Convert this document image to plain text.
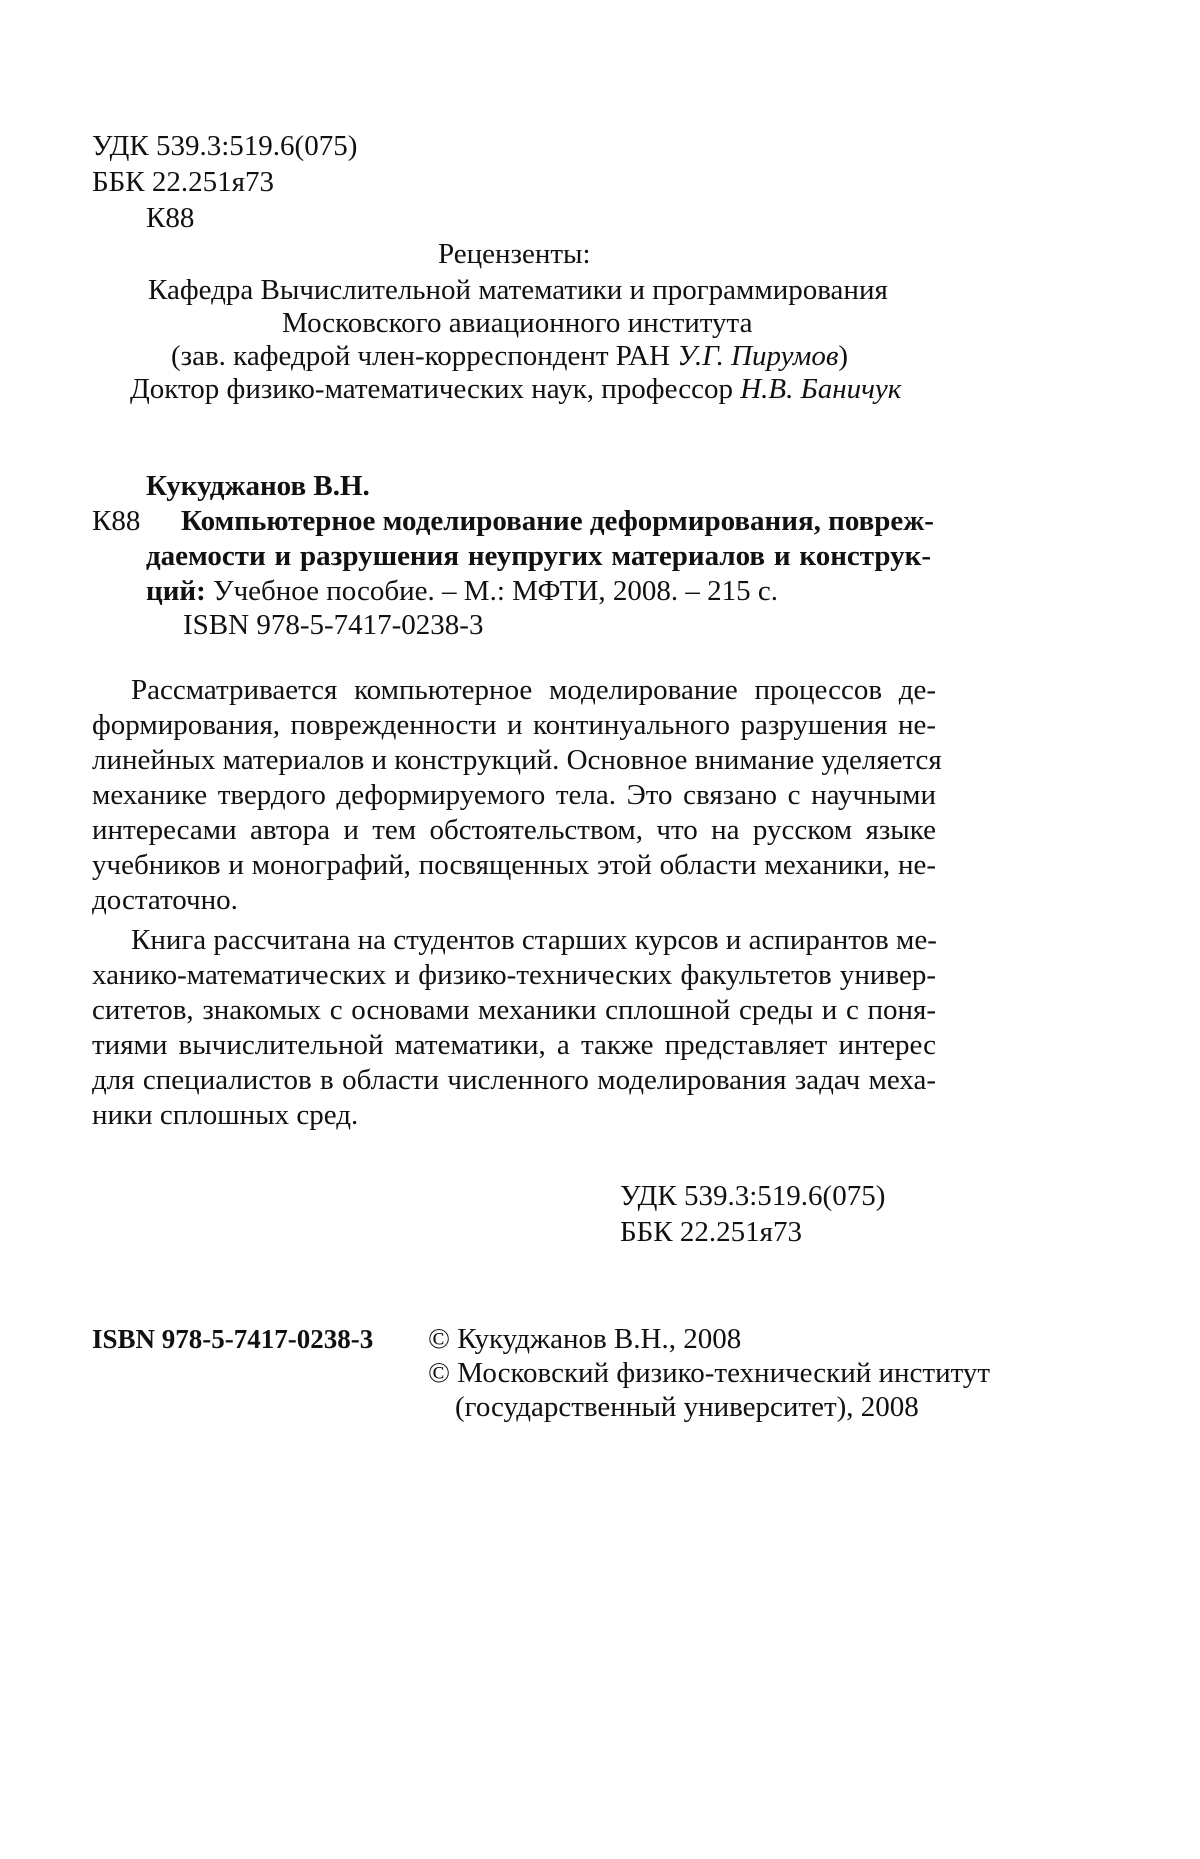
УДК 539.3:519.6(075)
ББК 22.251я73
К88
Рецензенты:
Кафедра Вычислительной математики и программирования
Московского авиационного института
(зав. кафедрой член-корреспондент РАН У.Г. Пирумов)
Доктор физико-математических наук, профессор Н.В. Баничук
Кукуджанов В.Н.
К88 Компьютерное моделирование деформирования, повреж-
даемости и разрушения неупругих материалов и конструк-
ций: Учебное пособие. – М.: МФТИ, 2008. – 215 с.
ISBN 978-5-7417-0238-3
Рассматривается компьютерное моделирование процессов де-
формирования, поврежденности и континуального разрушения не-
линейных материалов и конструкций. Основное внимание уделяется
механике твердого деформируемого тела. Это связано с научными
интересами автора и тем обстоятельством, что на русском языке
учебников и монографий, посвященных этой области механики, не-
достаточно.
Книга рассчитана на студентов старших курсов и аспирантов ме-
ханико-математических и физико-технических факультетов универ-
ситетов, знакомых с основами механики сплошной среды и с поня-
тиями вычислительной математики, а также представляет интерес
для специалистов в области численного моделирования задач меха-
ники сплошных сред.
УДК 539.3:519.6(075)
ББК 22.251я73
ISBN 978-5-7417-0238-3 © Кукуджанов В.Н., 2008
© Московский физико-технический институт
(государственный университет), 2008
